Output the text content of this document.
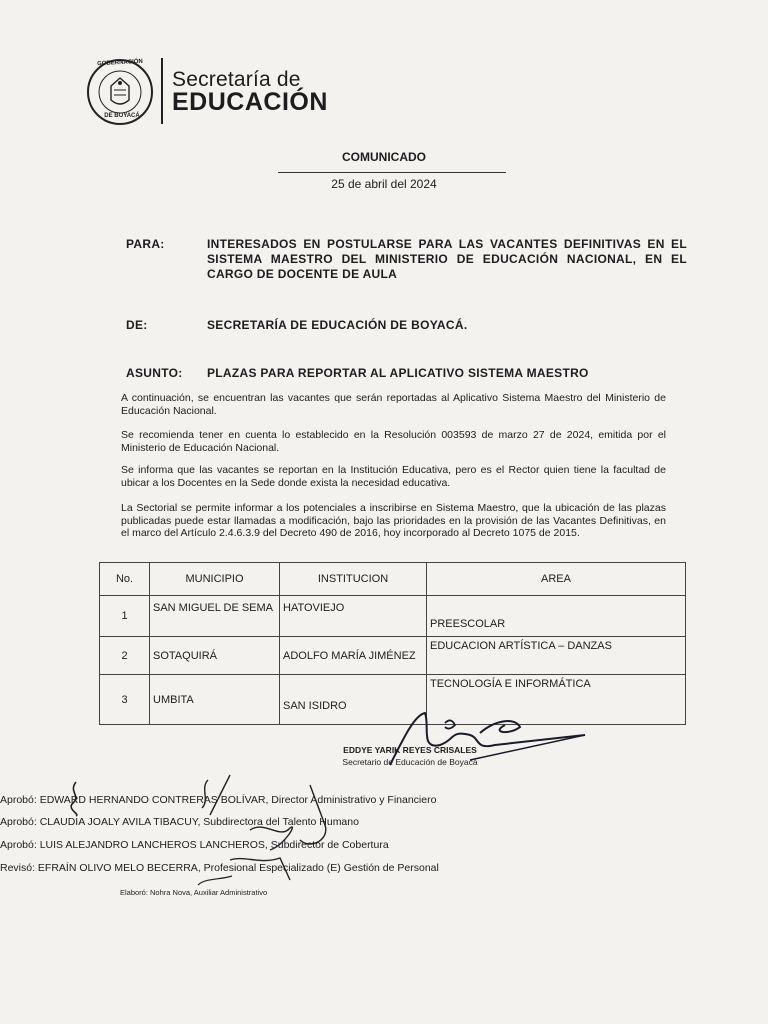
GOBERNACIÓN
DE BOYACÁ
Secretaría de
EDUCACIÓN
COMUNICADO
25 de abril del 2024
PARA:	INTERESADOS EN POSTULARSE PARA LAS VACANTES DEFINITIVAS EN EL SISTEMA MAESTRO DEL MINISTERIO DE EDUCACIÓN NACIONAL, EN EL CARGO DE DOCENTE DE AULA
DE:	SECRETARÍA DE EDUCACIÓN DE BOYACÁ.
ASUNTO: PLAZAS PARA REPORTAR AL APLICATIVO SISTEMA MAESTRO
A continuación, se encuentran las vacantes que serán reportadas al Aplicativo Sistema Maestro del Ministerio de Educación Nacional.
Se recomienda tener en cuenta lo establecido en la Resolución 003593 de marzo 27 de 2024, emitida por el Ministerio de Educación Nacional.
Se informa que las vacantes se reportan en la Institución Educativa, pero es el Rector quien tiene la facultad de ubicar a los Docentes en la Sede donde exista la necesidad educativa.
La Sectorial se permite informar a los potenciales a inscribirse en Sistema Maestro, que la ubicación de las plazas publicadas puede estar llamadas a modificación, bajo las prioridades en la provisión de las Vacantes Definitivas, en el marco del Artículo 2.4.6.3.9 del Decreto 490 de 2016, hoy incorporado al Decreto 1075 de 2015.
No.	MUNICIPIO	INSTITUCION	AREA
1	SAN MIGUEL DE SEMA	HATOVIEJO	PREESCOLAR
2	SOTAQUIRÁ	ADOLFO MARÍA JIMÉNEZ	EDUCACION ARTÍSTICA – DANZAS
3	UMBITA	SAN ISIDRO	TECNOLOGÍA E INFORMÁTICA
EDDYE YARIK REYES CRISALES
Secretario de Educación de Boyacá
Aprobó: EDWARD HERNANDO CONTRERAS BOLÍVAR, Director Administrativo y Financiero
Aprobó: CLAUDIA JOALY AVILA TIBACUY, Subdirectora del Talento Humano
Aprobó: LUIS ALEJANDRO LANCHEROS LANCHEROS, Subdirector de Cobertura
Revisó: EFRAÍN OLIVO MELO BECERRA, Profesional Especializado (E) Gestión de Personal
Elaboró: Nohra Nova, Auxiliar Administrativo
